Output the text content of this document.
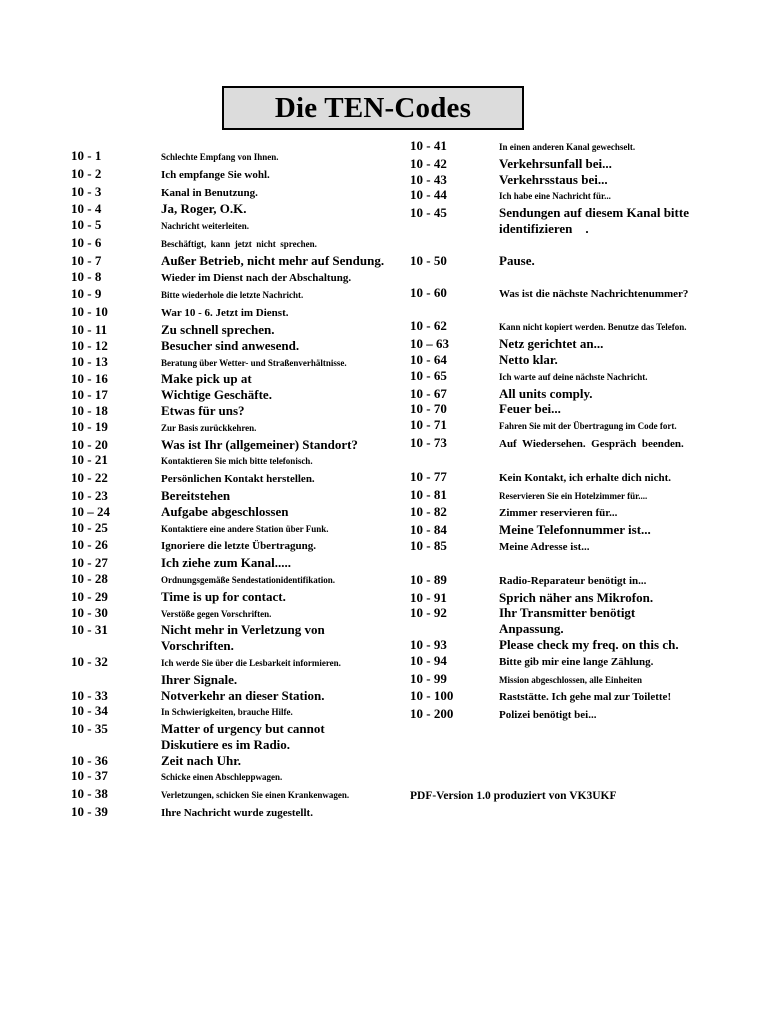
Die TEN-Codes
10 - 1	Schlechte Empfang von Ihnen.
10 - 2	Ich empfange Sie wohl.
10 - 3	Kanal in Benutzung.
10 - 4	Ja, Roger, O.K.
10 - 5	Nachricht weiterleiten.
10 - 6	Beschäftigt,  kann  jetzt  nicht  sprechen.
10 - 7	Außer Betrieb, nicht mehr auf Sendung.
10 - 8	Wieder im Dienst nach der Abschaltung.
10 - 9	Bitte wiederhole die letzte Nachricht.
10 - 10	War 10 - 6. Jetzt im Dienst.
10 - 11	Zu schnell sprechen.
10 - 12	Besucher sind anwesend.
10 - 13	Beratung über Wetter- und Straßenverhältnisse.
10 - 16	Make pick up at
10 - 17	Wichtige Geschäfte.
10 - 18	Etwas für uns?
10 - 19	Zur Basis zurückkehren.
10 - 20	Was ist Ihr (allgemeiner) Standort?
10 - 21	Kontaktieren Sie mich bitte telefonisch.
10 - 22	Persönlichen Kontakt herstellen.
10 - 23	Bereitstehen
10 – 24	Aufgabe abgeschlossen
10 - 25	Kontaktiere eine andere Station über Funk.
10 - 26	Ignoriere die letzte Übertragung.
10 - 27	Ich ziehe zum Kanal.....
10 - 28	Ordnungsgemäße Sendestationidentifikation.
10 - 29	Time is up for contact.
10 - 30	Verstöße gegen Vorschriften.
10 - 31	Nicht mehr in Verletzung von
Vorschriften.
10 - 32	Ich werde Sie über die Lesbarkeit informieren.
Ihrer Signale.
10 - 33	Notverkehr an dieser Station.
10 - 34	In Schwierigkeiten, brauche Hilfe.
10 - 35	Matter of urgency but cannot
Diskutiere es im Radio.
10 - 36	Zeit nach Uhr.
10 - 37	Schicke einen Abschleppwagen.
10 - 38	Verletzungen, schicken Sie einen Krankenwagen.
10 - 39	Ihre Nachricht wurde zugestellt.
10 - 41	In einen anderen Kanal gewechselt.
10 - 42	Verkehrsunfall bei...
10 - 43	Verkehrsstaus bei...
10 - 44	Ich habe eine Nachricht für...
10 - 45	Sendungen auf diesem Kanal bitte
identifizieren    .
10 - 50	Pause.
10 - 60	Was ist die nächste Nachrichtenummer?
10 - 62	Kann nicht kopiert werden. Benutze das Telefon.
10 – 63	Netz gerichtet an...
10 - 64	Netto klar.
10 - 65	Ich warte auf deine nächste Nachricht.
10 - 67	All units comply.
10 - 70	Feuer bei...
10 - 71	Fahren Sie mit der Übertragung im Code fort.
10 - 73	Auf  Wiedersehen.  Gespräch  beenden.
10 - 77	Kein Kontakt, ich erhalte dich nicht.
10 - 81	Reservieren Sie ein Hotelzimmer für....
10 - 82	Zimmer reservieren für...
10 - 84	Meine Telefonnummer ist...
10 - 85	Meine Adresse ist...
10 - 89	Radio-Reparateur benötigt in...
10 - 91	Sprich näher ans Mikrofon.
10 - 92	Ihr Transmitter benötigt
Anpassung.
10 - 93	Please check my freq. on this ch.
10 - 94	Bitte gib mir eine lange Zählung.
10 - 99	Mission abgeschlossen, alle Einheiten
10 - 100	Raststätte. Ich gehe mal zur Toilette!
10 - 200	Polizei benötigt bei...
PDF-Version 1.0 produziert von VK3UKF
